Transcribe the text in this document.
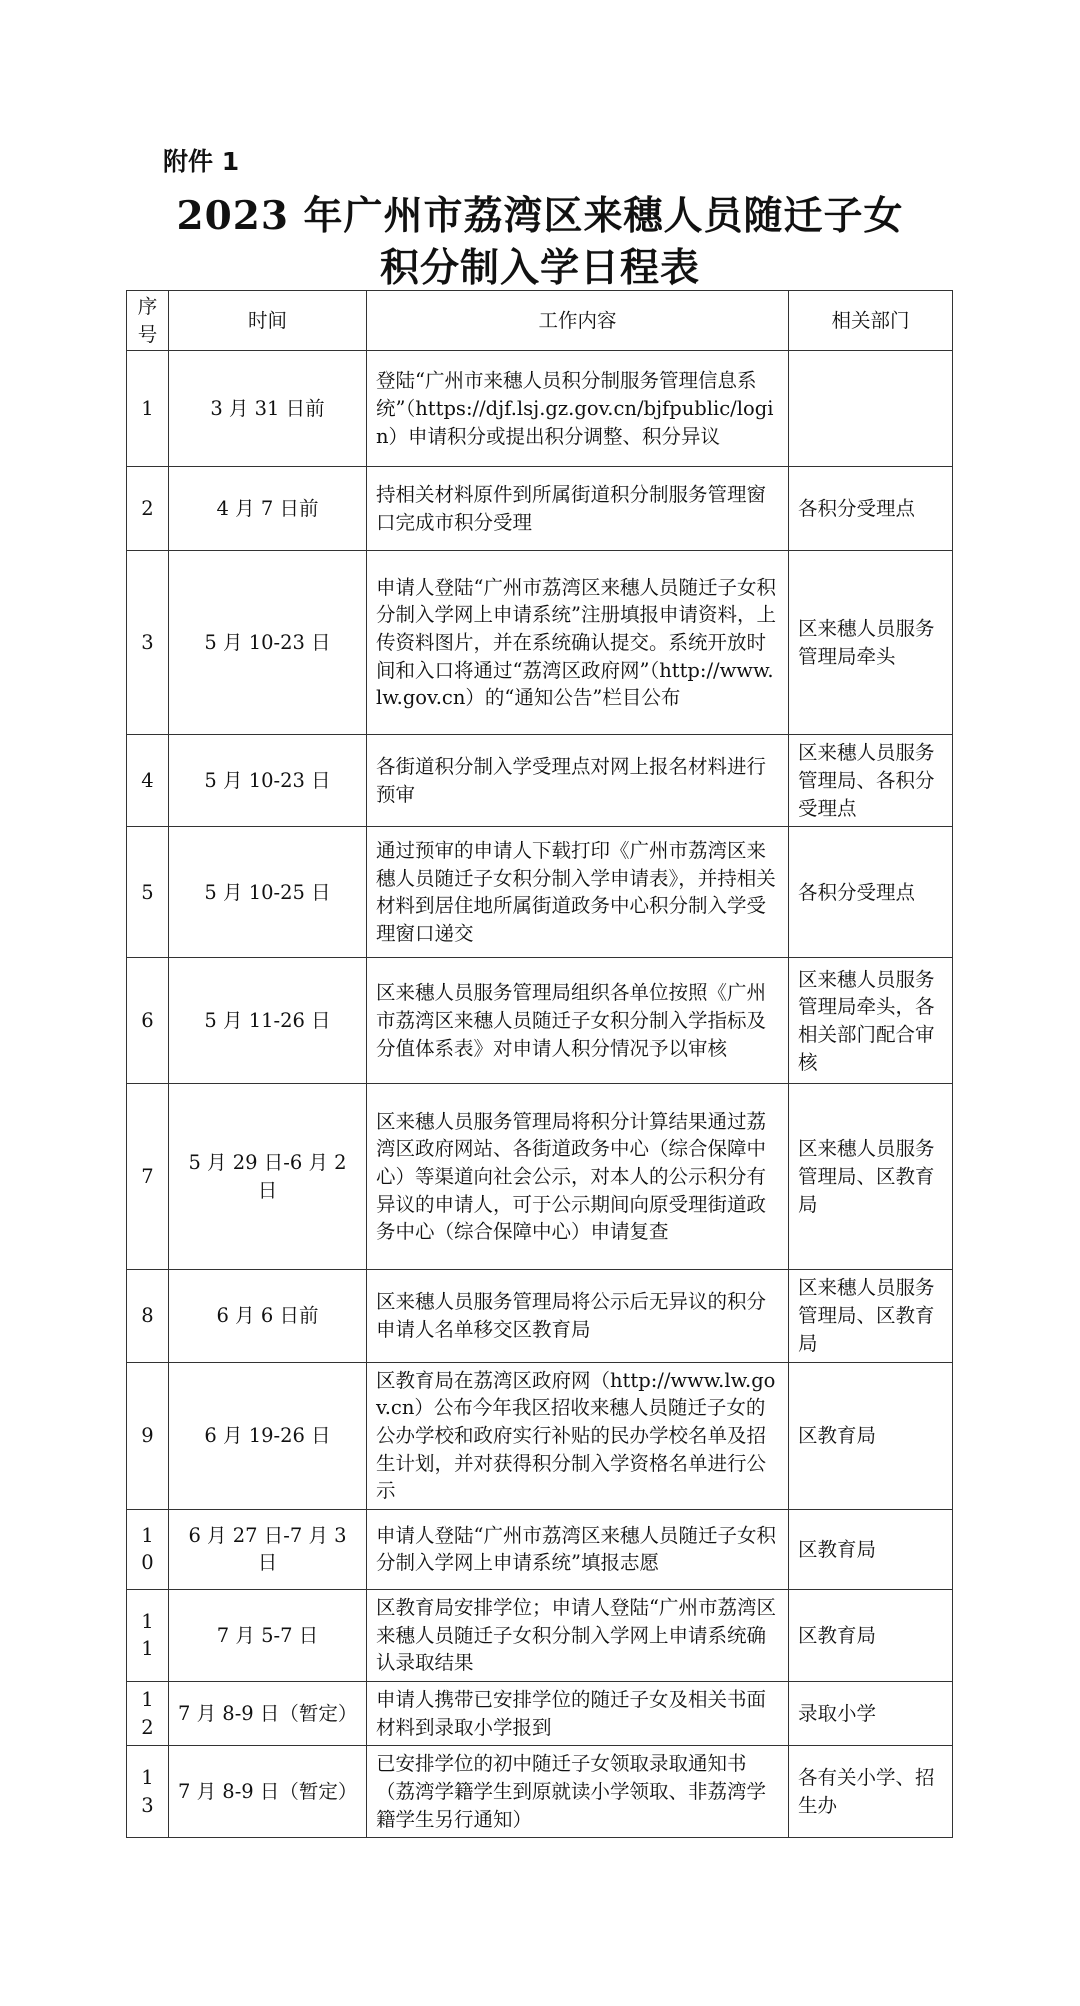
附件 1
2023 年广州市荔湾区来穗人员随迁子女
积分制入学日程表
序号	时间	工作内容	相关部门
1	3 月 31 日前	登陆“广州市来穗人员积分制服务管理信息系统”（https://djf.lsj.gz.gov.cn/bjfpublic/login）申请积分或提出积分调整、积分异议	
2	4 月 7 日前	持相关材料原件到所属街道积分制服务管理窗口完成市积分受理	各积分受理点
3	5 月 10-23 日	申请人登陆“广州市荔湾区来穗人员随迁子女积分制入学网上申请系统”注册填报申请资料，上传资料图片，并在系统确认提交。系统开放时间和入口将通过“荔湾区政府网”（http://www.lw.gov.cn）的“通知公告”栏目公布	区来穗人员服务管理局牵头
4	5 月 10-23 日	各街道积分制入学受理点对网上报名材料进行预审	区来穗人员服务管理局、各积分受理点
5	5 月 10-25 日	通过预审的申请人下载打印《广州市荔湾区来穗人员随迁子女积分制入学申请表》，并持相关材料到居住地所属街道政务中心积分制入学受理窗口递交	各积分受理点
6	5 月 11-26 日	区来穗人员服务管理局组织各单位按照《广州市荔湾区来穗人员随迁子女积分制入学指标及分值体系表》对申请人积分情况予以审核	区来穗人员服务管理局牵头，各相关部门配合审核
7	5 月 29 日-6 月 2 日	区来穗人员服务管理局将积分计算结果通过荔湾区政府网站、各街道政务中心（综合保障中心）等渠道向社会公示，对本人的公示积分有异议的申请人，可于公示期间向原受理街道政务中心（综合保障中心）申请复查	区来穗人员服务管理局、区教育局
8	6 月 6 日前	区来穗人员服务管理局将公示后无异议的积分申请人名单移交区教育局	区来穗人员服务管理局、区教育局
9	6 月 19-26 日	区教育局在荔湾区政府网（http://www.lw.gov.cn）公布今年我区招收来穗人员随迁子女的公办学校和政府实行补贴的民办学校名单及招生计划，并对获得积分制入学资格名单进行公示	区教育局
10	6 月 27 日-7 月 3 日	申请人登陆“广州市荔湾区来穗人员随迁子女积分制入学网上申请系统”填报志愿	区教育局
11	7 月 5-7 日	区教育局安排学位；申请人登陆“广州市荔湾区来穗人员随迁子女积分制入学网上申请系统确认录取结果	区教育局
12	7 月 8-9 日（暂定）	申请人携带已安排学位的随迁子女及相关书面材料到录取小学报到	录取小学
13	7 月 8-9 日（暂定）	已安排学位的初中随迁子女领取录取通知书（荔湾学籍学生到原就读小学领取、非荔湾学籍学生另行通知）	各有关小学、招生办
